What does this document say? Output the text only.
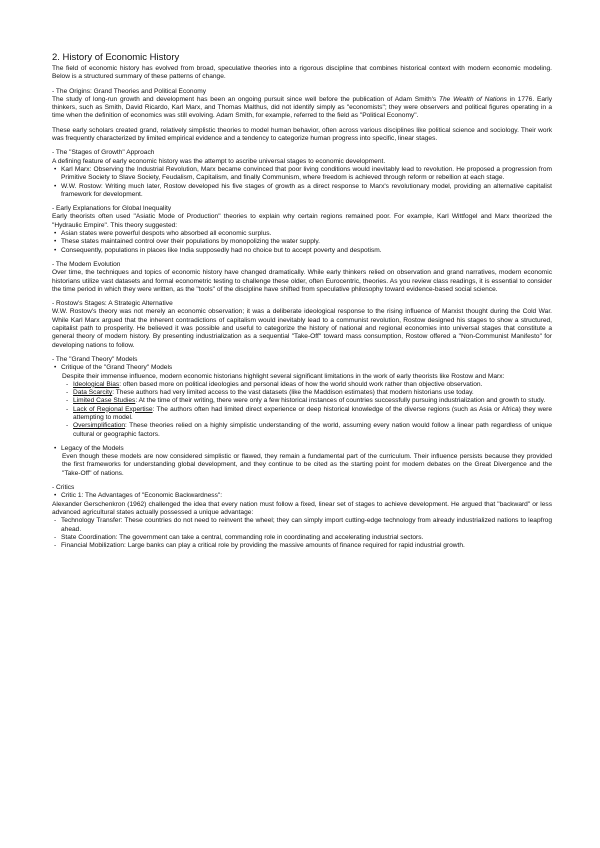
2. History of Economic History

The field of economic history has evolved from broad, speculative theories into a rigorous discipline that combines historical context with modern economic modeling. Below is a structured summary of these patterns of change.

- The Origins: Grand Theories and Political Economy

The study of long-run growth and development has been an ongoing pursuit since well before the publication of Adam Smith's The Wealth of Nations in 1776. Early thinkers, such as Smith, David Ricardo, Karl Marx, and Thomas Malthus, did not identify simply as "economists"; they were observers and political figures operating in a time when the definition of economics was still evolving. Adam Smith, for example, referred to the field as "Political Economy".

These early scholars created grand, relatively simplistic theories to model human behavior, often across various disciplines like political science and sociology. Their work was frequently characterized by limited empirical evidence and a tendency to categorize human progress into specific, linear stages.

- The "Stages of Growth" Approach

A defining feature of early economic history was the attempt to ascribe universal stages to economic development.

• Karl Marx: Observing the Industrial Revolution, Marx became convinced that poor living conditions would inevitably lead to revolution. He proposed a progression from Primitive Society to Slave Society, Feudalism, Capitalism, and finally Communism, where freedom is achieved through reform or rebellion at each stage.
• W.W. Rostow: Writing much later, Rostow developed his five stages of growth as a direct response to Marx's revolutionary model, providing an alternative capitalist framework for development.
- Early Explanations for Global Inequality

Early theorists often used "Asiatic Mode of Production" theories to explain why certain regions remained poor. For example, Karl Wittfogel and Marx theorized the "Hydraulic Empire". This theory suggested:

• Asian states were powerful despots who absorbed all economic surplus.
• These states maintained control over their populations by monopolizing the water supply.
• Consequently, populations in places like India supposedly had no choice but to accept poverty and despotism.
- The Modern Evolution

Over time, the techniques and topics of economic history have changed dramatically. While early thinkers relied on observation and grand narratives, modern economic historians utilize vast datasets and formal econometric testing to challenge these older, often Eurocentric, theories. As you review class readings, it is essential to consider the time period in which they were written, as the "tools" of the discipline have shifted from speculative philosophy toward evidence-based social science.

- Rostow's Stages: A Strategic Alternative

W.W. Rostow's theory was not merely an economic observation; it was a deliberate ideological response to the rising influence of Marxist thought during the Cold War. While Karl Marx argued that the inherent contradictions of capitalism would inevitably lead to a communist revolution, Rostow designed his stages to show a structured, capitalist path to prosperity. He believed it was possible and useful to categorize the history of national and regional economies into universal stages that constitute a general theory of modern history. By presenting industrialization as a sequential "Take-Off" toward mass consumption, Rostow offered a "Non-Communist Manifesto" for developing nations to follow.

- The "Grand Theory" Models
• Critique of the "Grand Theory" Models

Despite their immense influence, modern economic historians highlight several significant limitations in the work of early theorists like Rostow and Marx:

- Ideological Bias: often based more on political ideologies and personal ideas of how the world should work rather than objective observation.
- Data Scarcity: These authors had very limited access to the vast datasets (like the Maddison estimates) that modern historians use today.
- Limited Case Studies: At the time of their writing, there were only a few historical instances of countries successfully pursuing industrialization and growth to study.
- Lack of Regional Expertise: The authors often had limited direct experience or deep historical knowledge of the diverse regions (such as Asia or Africa) they were attempting to model.
- Oversimplification: These theories relied on a highly simplistic understanding of the world, assuming every nation would follow a linear path regardless of unique cultural or geographic factors.
• Legacy of the Models

Even though these models are now considered simplistic or flawed, they remain a fundamental part of the curriculum. Their influence persists because they provided the first frameworks for understanding global development, and they continue to be cited as the starting point for modern debates on the Great Divergence and the "Take-Off" of nations.

- Critics
• Critic 1: The Advantages of "Economic Backwardness":

Alexander Gerschenkron (1962) challenged the idea that every nation must follow a fixed, linear set of stages to achieve development. He argued that "backward" or less advanced agricultural states actually possessed a unique advantage:

- Technology Transfer: These countries do not need to reinvent the wheel; they can simply import cutting-edge technology from already industrialized nations to leapfrog ahead.
- State Coordination: The government can take a central, commanding role in coordinating and accelerating industrial sectors.
- Financial Mobilization: Large banks can play a critical role by providing the massive amounts of finance required for rapid industrial growth.
